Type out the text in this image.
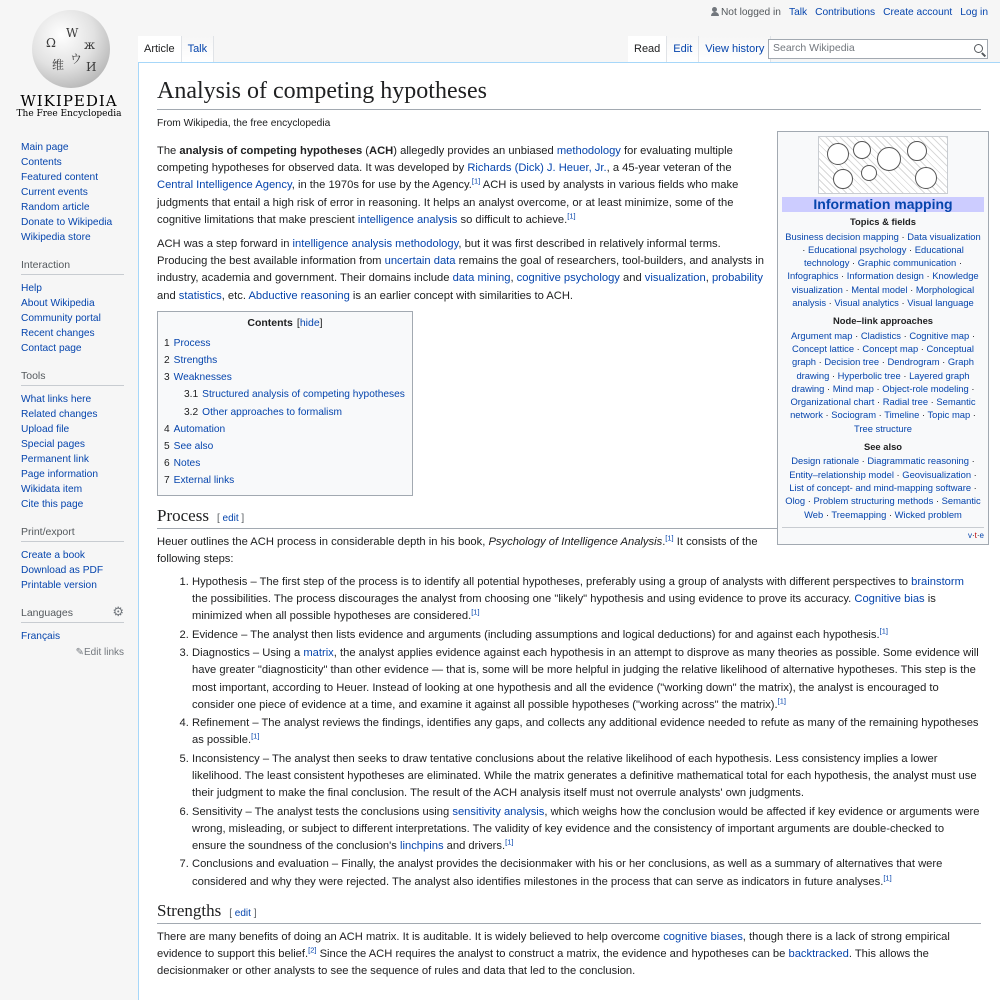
Ω
W
ж
维 ウ
И
WIKIPEDIA
The Free Encyclopedia
Main page
Contents
Featured content
Current events
Random article
Donate to Wikipedia
Wikipedia store
Interaction
Help
About Wikipedia
Community portal
Recent changes
Contact page
Tools
What links here
Related changes
Upload file
Special pages
Permanent link
Page information
Wikidata item
Cite this page
Print/export
Create a book
Download as PDF
Printable version
Languages	⚙
Français
✎Edit links
Not logged in Talk Contributions Create account Log in
Article	Talk	Read	Edit	View history Search Wikipedia
Analysis of competing hypotheses
From Wikipedia, the free encyclopedia
Information mapping
Topics & fields
Business decision mapping · Data visualization · Educational psychology · Educational technology · Graphic communication · Infographics · Information design · Knowledge visualization · Mental model · Morphological analysis · Visual analytics · Visual language
Node–link approaches
Argument map · Cladistics · Cognitive map · Concept lattice · Concept map · Conceptual graph · Decision tree · Dendrogram · Graph drawing · Hyperbolic tree · Layered graph drawing · Mind map · Object-role modeling · Organizational chart · Radial tree · Semantic network · Sociogram · Timeline · Topic map · Tree structure
See also
Design rationale · Diagrammatic reasoning · Entity–relationship model · Geovisualization · List of concept- and mind-mapping software · Olog · Problem structuring methods · Semantic Web · Treemapping · Wicked problem
v·t·e

The analysis of competing hypotheses (ACH) allegedly provides an unbiased methodology for evaluating multiple competing hypotheses for observed data. It was developed by Richards (Dick) J. Heuer, Jr., a 45-year veteran of the Central Intelligence Agency, in the 1970s for use by the Agency.[1] ACH is used by analysts in various fields who make judgments that entail a high risk of error in reasoning. It helps an analyst overcome, or at least minimize, some of the cognitive limitations that make prescient intelligence analysis so difficult to achieve.[1]

ACH was a step forward in intelligence analysis methodology, but it was first described in relatively informal terms. Producing the best available information from uncertain data remains the goal of researchers, tool-builders, and analysts in industry, academia and government. Their domains include data mining, cognitive psychology and visualization, probability and statistics, etc. Abductive reasoning is an earlier concept with similarities to ACH.

Contents [hide]
1 Process
2 Strengths
3 Weaknesses
3.1 Structured analysis of competing hypotheses
3.2 Other approaches to formalism
4 Automation
5 See also
6 Notes
7 External links
Process [ edit ]

Heuer outlines the ACH process in considerable depth in his book, Psychology of Intelligence Analysis.[1] It consists of the following steps:

1. Hypothesis – The first step of the process is to identify all potential hypotheses, preferably using a group of analysts with different perspectives to brainstorm the possibilities. The process discourages the analyst from choosing one "likely" hypothesis and using evidence to prove its accuracy. Cognitive bias is minimized when all possible hypotheses are considered.[1]
2. Evidence – The analyst then lists evidence and arguments (including assumptions and logical deductions) for and against each hypothesis.[1]
3. Diagnostics – Using a matrix, the analyst applies evidence against each hypothesis in an attempt to disprove as many theories as possible. Some evidence will have greater "diagnosticity" than other evidence — that is, some will be more helpful in judging the relative likelihood of alternative hypotheses. This step is the most important, according to Heuer. Instead of looking at one hypothesis and all the evidence ("working down" the matrix), the analyst is encouraged to consider one piece of evidence at a time, and examine it against all possible hypotheses ("working across" the matrix).[1]
4. Refinement – The analyst reviews the findings, identifies any gaps, and collects any additional evidence needed to refute as many of the remaining hypotheses as possible.[1]
5. Inconsistency – The analyst then seeks to draw tentative conclusions about the relative likelihood of each hypothesis. Less consistency implies a lower likelihood. The least consistent hypotheses are eliminated. While the matrix generates a definitive mathematical total for each hypothesis, the analyst must use their judgment to make the final conclusion. The result of the ACH analysis itself must not overrule analysts' own judgments.
6. Sensitivity – The analyst tests the conclusions using sensitivity analysis, which weighs how the conclusion would be affected if key evidence or arguments were wrong, misleading, or subject to different interpretations. The validity of key evidence and the consistency of important arguments are double-checked to ensure the soundness of the conclusion's linchpins and drivers.[1]
7. Conclusions and evaluation – Finally, the analyst provides the decisionmaker with his or her conclusions, as well as a summary of alternatives that were considered and why they were rejected. The analyst also identifies milestones in the process that can serve as indicators in future analyses.[1]
Strengths [ edit ]

There are many benefits of doing an ACH matrix. It is auditable. It is widely believed to help overcome cognitive biases, though there is a lack of strong empirical evidence to support this belief.[2] Since the ACH requires the analyst to construct a matrix, the evidence and hypotheses can be backtracked. This allows the decisionmaker or other analysts to see the sequence of rules and data that led to the conclusion.
